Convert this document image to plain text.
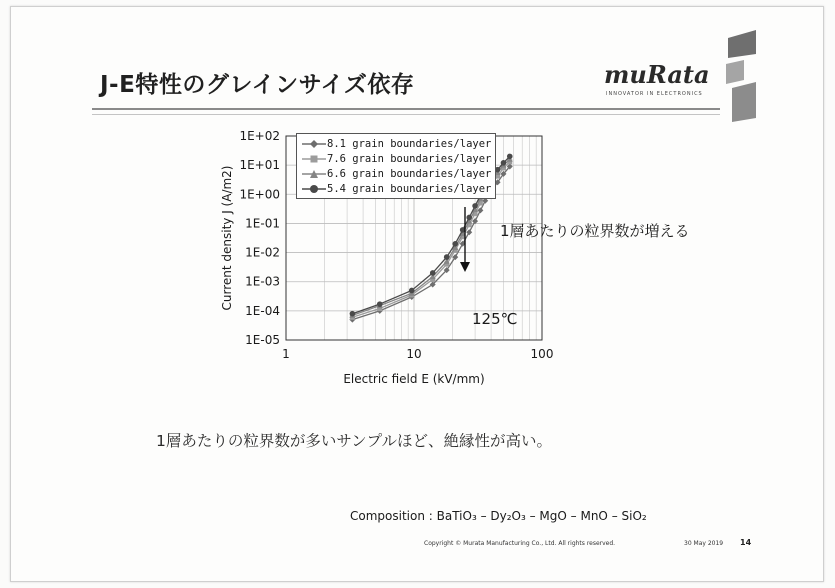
J-E特性のグレインサイズ依存	muRata
INNOVATOR IN ELECTRONICS
1E+02
1E+01
1E+00
1E-01
1E-02
1E-03
1E-04
1E-05
1	10	100
Electric field E (kV/mm)
Current density J (A/m2)
8.1 grain boundaries/layer
7.6 grain boundaries/layer
6.6 grain boundaries/layer
5.4 grain boundaries/layer
1層あたりの粒界数が増える
125℃
1層あたりの粒界数が多いサンプルほど、絶縁性が高い。
Composition : BaTiO₃ – Dy₂O₃ – MgO – MnO – SiO₂
Copyright © Murata Manufacturing Co., Ltd. All rights reserved.	30 May 2019 14
